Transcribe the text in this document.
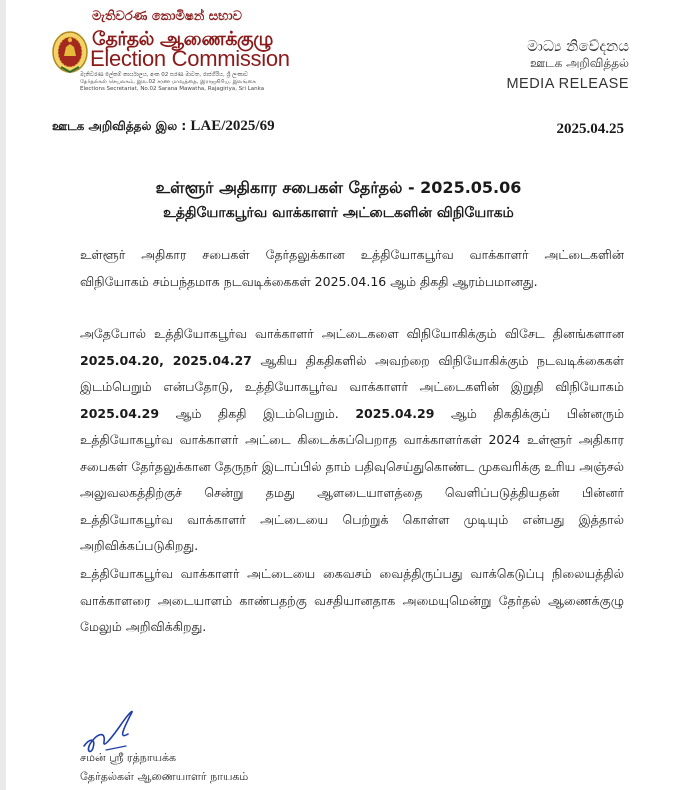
මැතිවරණ කොමිෂන් සභාව
தேர்தல் ஆணைக்குழு
Election Commission
මැතිවරණ ලේකම් කාර්යාලය, අංක 02 සරණ මාවත, රාජගිරිය, ශ්‍රී ලංකාව
தேர்தல்கள் செயலகம், இல.02 சரண மாவத்தை, இராஜகிரிய, இலங்கை
Elections Secretariat, No.02 Sarana Mawatha, Rajagiriya, Sri Lanka
මාධ්‍ය නිවේදනය
ஊடக அறிவித்தல்
MEDIA RELEASE
ஊடக அறிவித்தல் இல : LAE/2025/69	2025.04.25
உள்ளூர் அதிகார சபைகள் தேர்தல் - 2025.05.06
உத்தியோகபூர்வ வாக்காளர் அட்டைகளின் விநியோகம்
உள்ளூர் அதிகார சபைகள் தேர்தலுக்கான உத்தியோகபூர்வ வாக்காளர் அட்டைகளின் விநியோகம் சம்பந்தமாக நடவடிக்கைகள் 2025.04.16 ஆம் திகதி ஆரம்பமானது.
அதேபோல் உத்தியோகபூர்வ வாக்காளர் அட்டைகளை விநியோகிக்கும் விசேட தினங்களான 2025.04.20, 2025.04.27 ஆகிய திகதிகளில் அவற்றை விநியோகிக்கும் நடவடிக்கைகள் இடம்பெறும் என்பதோடு, உத்தியோகபூர்வ வாக்காளர் அட்டைகளின் இறுதி விநியோகம் 2025.04.29 ஆம் திகதி இடம்பெறும். 2025.04.29 ஆம் திகதிக்குப் பின்னரும் உத்தியோகபூர்வ வாக்காளர் அட்டை கிடைக்கப்பெறாத வாக்காளர்கள் 2024 உள்ளூர் அதிகார சபைகள் தேர்தலுக்கான தேருநர் இடாப்பில் தாம் பதிவுசெய்துகொண்ட முகவரிக்கு உரிய அஞ்சல் அலுவலகத்திற்குச் சென்று தமது ஆளடையாளத்தை வெளிப்படுத்தியதன் பின்னர் உத்தியோகபூர்வ வாக்காளர் அட்டையை பெற்றுக் கொள்ள முடியும் என்பது இத்தால் அறிவிக்கப்படுகிறது.
உத்தியோகபூர்வ வாக்காளர் அட்டையை கைவசம் வைத்திருப்பது வாக்கெடுப்பு நிலையத்தில் வாக்காளரை அடையாளம் காண்பதற்கு வசதியானதாக அமையுமென்று தேர்தல் ஆணைக்குழு மேலும் அறிவிக்கிறது.
சமன் ஸ்ரீ ரத்நாயக்க
தேர்தல்கள் ஆணையாளர் நாயகம்
